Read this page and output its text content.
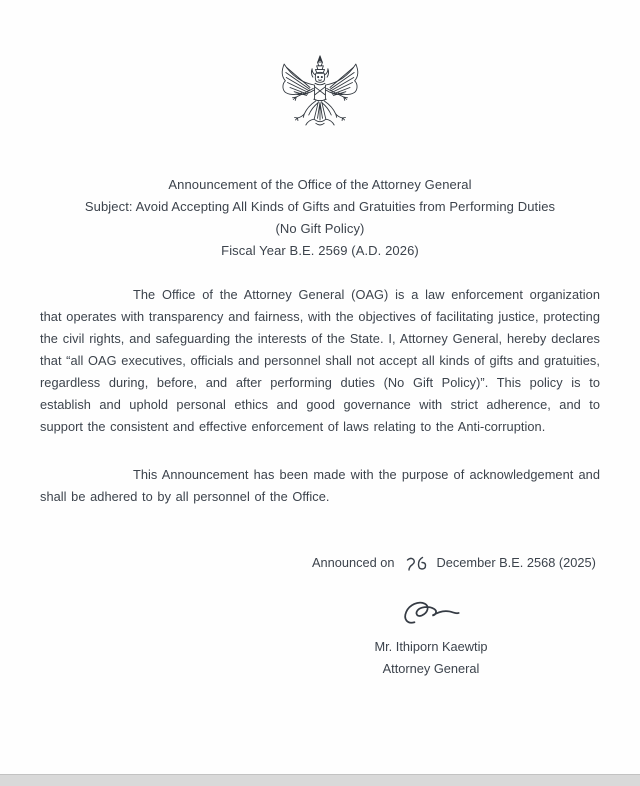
Announcement of the Office of the Attorney General
Subject: Avoid Accepting All Kinds of Gifts and Gratuities from Performing Duties
(No Gift Policy)
Fiscal Year B.E. 2569 (A.D. 2026)

The Office of the Attorney General (OAG) is a law enforcement organization that operates with transparency and fairness, with the objectives of facilitating justice, protecting the civil rights, and safeguarding the interests of the State. I, Attorney General, hereby declares that “all OAG executives, officials and personnel shall not accept all kinds of gifts and gratuities, regardless during, before, and after performing duties (No Gift Policy)”. This policy is to establish and uphold personal ethics and good governance with strict adherence, and to support the consistent and effective enforcement of laws relating to the Anti-corruption.

This Announcement has been made with the purpose of acknowledgement and shall be adhered to by all personnel of the Office.

Announced on	December B.E. 2568 (2025)
Mr. Ithiporn Kaewtip
Attorney General
